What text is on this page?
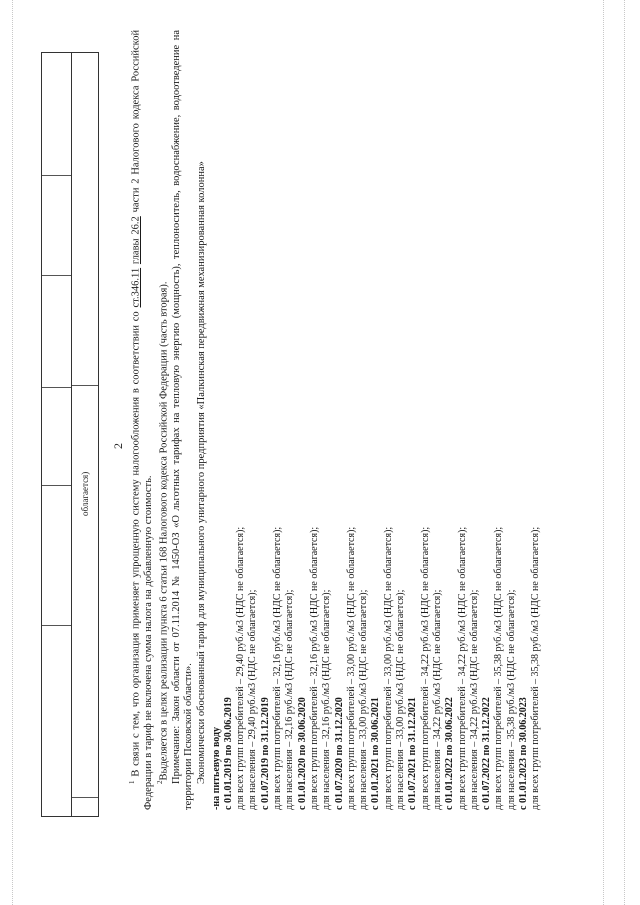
облагается)
2

$^1$ В связи с тем, что организация применяет упрощенную систему налогообложения в соответствии со ст.346.11 главы 26.2 части 2 Налогового кодекса Российской Федерации в тариф не включена сумма налога на добавленную стоимость. $^2$Выделяется в целях реализации пункта 6 статьи 168 Налогового кодекса Российской Федерации (часть вторая). Примечание: Закон области от 07.11.2014 № 1450-ОЗ «О льготных тарифах на тепловую энергию (мощность), теплоноситель, водоснабжение, водоотведение на территории Псковской области». Экономически обоснованный тариф для муниципального унитарного предприятия «Палкинская передвижная механизированная колонна» -на питьевую воду с 01.01.2019 по 30.06.2019 для всех групп потребителей – 29,40 руб./м3 (НДС не облагается); для населения – 29,40 руб./м3 (НДС не облагается); с 01.07.2019 по 31.12.2019 для всех групп потребителей – 32,16 руб./м3 (НДС не облагается); для населения – 32,16 руб./м3 (НДС не облагается); с 01.01.2020 по 30.06.2020 для всех групп потребителей – 32,16 руб./м3 (НДС не облагается); для населения – 32,16 руб./м3 (НДС не облагается); с 01.07.2020 по 31.12.2020 для всех групп потребителей – 33,00 руб./м3 (НДС не облагается); для населения – 33,00 руб./м3 (НДС не облагается); с 01.01.2021 по 30.06.2021 для всех групп потребителей – 33,00 руб./м3 (НДС не облагается); для населения – 33,00 руб./м3 (НДС не облагается); с 01.07.2021 по 31.12.2021 для всех групп потребителей – 34,22 руб./м3 (НДС не облагается); для населения – 34,22 руб./м3 (НДС не облагается); с 01.01.2022 по 30.06.2022 для всех групп потребителей – 34,22 руб./м3 (НДС не облагается); для населения – 34,22 руб./м3 (НДС не облагается); с 01.07.2022 по 31.12.2022 для всех групп потребителей – 35,38 руб./м3 (НДС не облагается); для населения – 35,38 руб./м3 (НДС не облагается); с 01.01.2023 по 30.06.2023 для всех групп потребителей – 35,38 руб./м3 (НДС не облагается);
